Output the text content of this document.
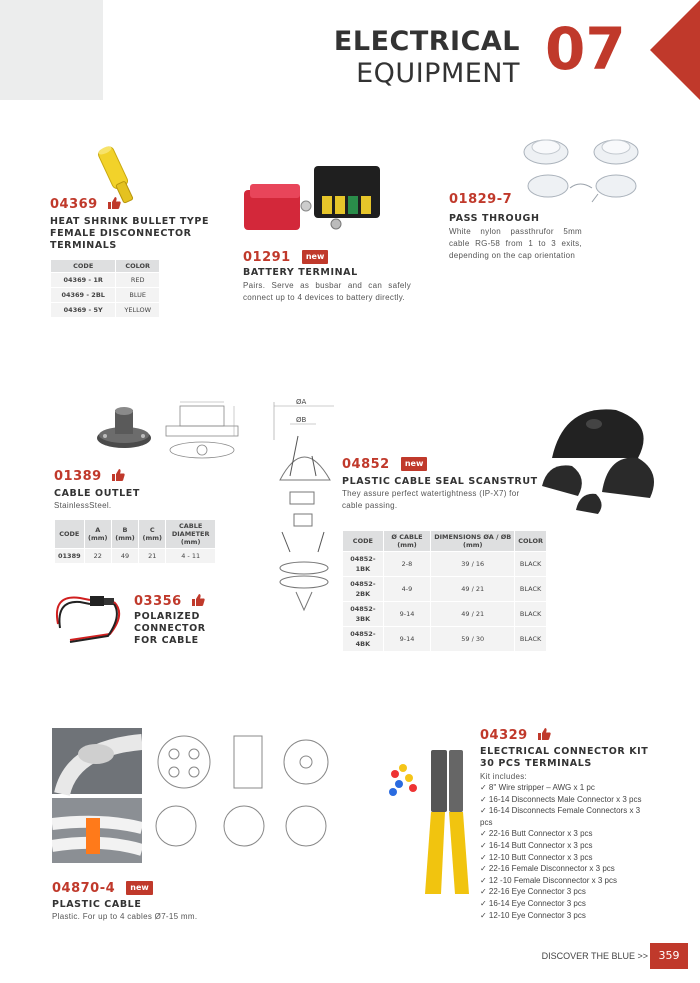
ELECTRICAL
EQUIPMENT 07
04369
HEAT SHRINK BULLET TYPE FEMALE DISCONNECTOR TERMINALS
CODE	COLOR
04369 - 1R	RED
04369 - 2BL	BLUE
04369 - 5Y	YELLOW
01291 new
BATTERY TERMINAL
Pairs. Serve as busbar and can safely connect up to 4 devices to battery directly.
01829-7
PASS THROUGH
White nylon passthrufor 5mm cable RG-58 from 1 to 3 exits, depending on the cap orientation
01389
CABLE OUTLET
StainlessSteel.
CODE	A (mm)	B (mm)	C (mm)	CABLE DIAMETER (mm)
01389	22	49	21	4 - 11
03356
POLARIZED CONNECTOR FOR CABLE
ØA
ØB
04852 new
PLASTIC CABLE SEAL SCANSTRUT
They assure perfect watertightness (IP-X7) for cable passing.
CODE	Ø CABLE (mm)	DIMENSIONS ØA / ØB (mm)	COLOR
04852-1BK	2-8	39 / 16	BLACK
04852-2BK	4-9	49 / 21	BLACK
04852-3BK	9-14	49 / 21	BLACK
04852-4BK	9-14	59 / 30	BLACK
04870-4 new
PLASTIC CABLE
Plastic. For up to 4 cables Ø7-15 mm.
04329
ELECTRICAL CONNECTOR KIT 30 PCS TERMINALS
Kit includes:
✓ 8'' Wire stripper – AWG x 1 pc
✓ 16-14 Disconnects Male Connector x 3 pcs
✓ 16-14 Disconnects Female Connectors x 3 pcs
✓ 22-16 Butt Connector x 3 pcs
✓ 16-14 Butt Connector x 3 pcs
✓ 12-10 Butt Connector x 3 pcs
✓ 22-16 Female Disconnector x 3 pcs
✓ 12 -10 Female Disconnector x 3 pcs
✓ 22-16 Eye Connector 3 pcs
✓ 16-14 Eye Connector 3 pcs
✓ 12-10 Eye Connector 3 pcs
DISCOVER THE BLUE >> 359
